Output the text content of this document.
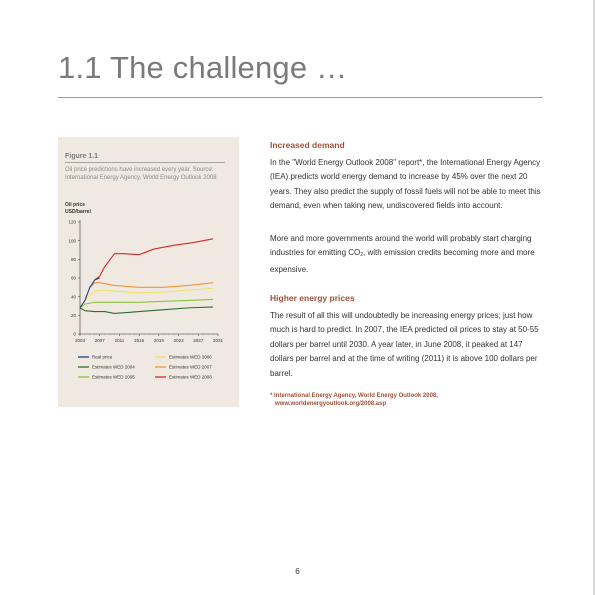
1.1 The challenge …
Figure 1.1
Oil price predictions have increased every year. Source: International Energy Agency, World Energy Outlook 2008
Oil price
USD/barrel
0
20
40
60
80
100
120
2003 2007 2011 2015 2019 2023 2027 2031
Real price
Estimates WED 2004
Estimates WED 2005
Estimates WED 2006
Estimates WED 2007
Estimates WED 2008
Increased demand

In the "World Energy Outlook 2008" report*, the International Energy Agency (IEA) predicts world energy demand to increase by 45% over the next 20 years. They also predict the supply of fossil fuels will not be able to meet this demand, even when taking new, undiscovered fields into account.

More and more governments around the world will probably start charging industries for emitting $CO_2$, with emission credits becoming more and more expensive.

Higher energy prices

The result of all this will undoubtedly be increasing energy prices; just how much is hard to predict. In 2007, the IEA predicted oil prices to stay at 50-55 dollars per barrel until 2030. A year later, in June 2008, it peaked at 147 dollars per barrel and at the time of writing (2011) it is above 100 dollars per barrel.

* International Energy Agency, World Energy Outlook 2008,
www.worldenergyoutlook.org/2008.asp
6
